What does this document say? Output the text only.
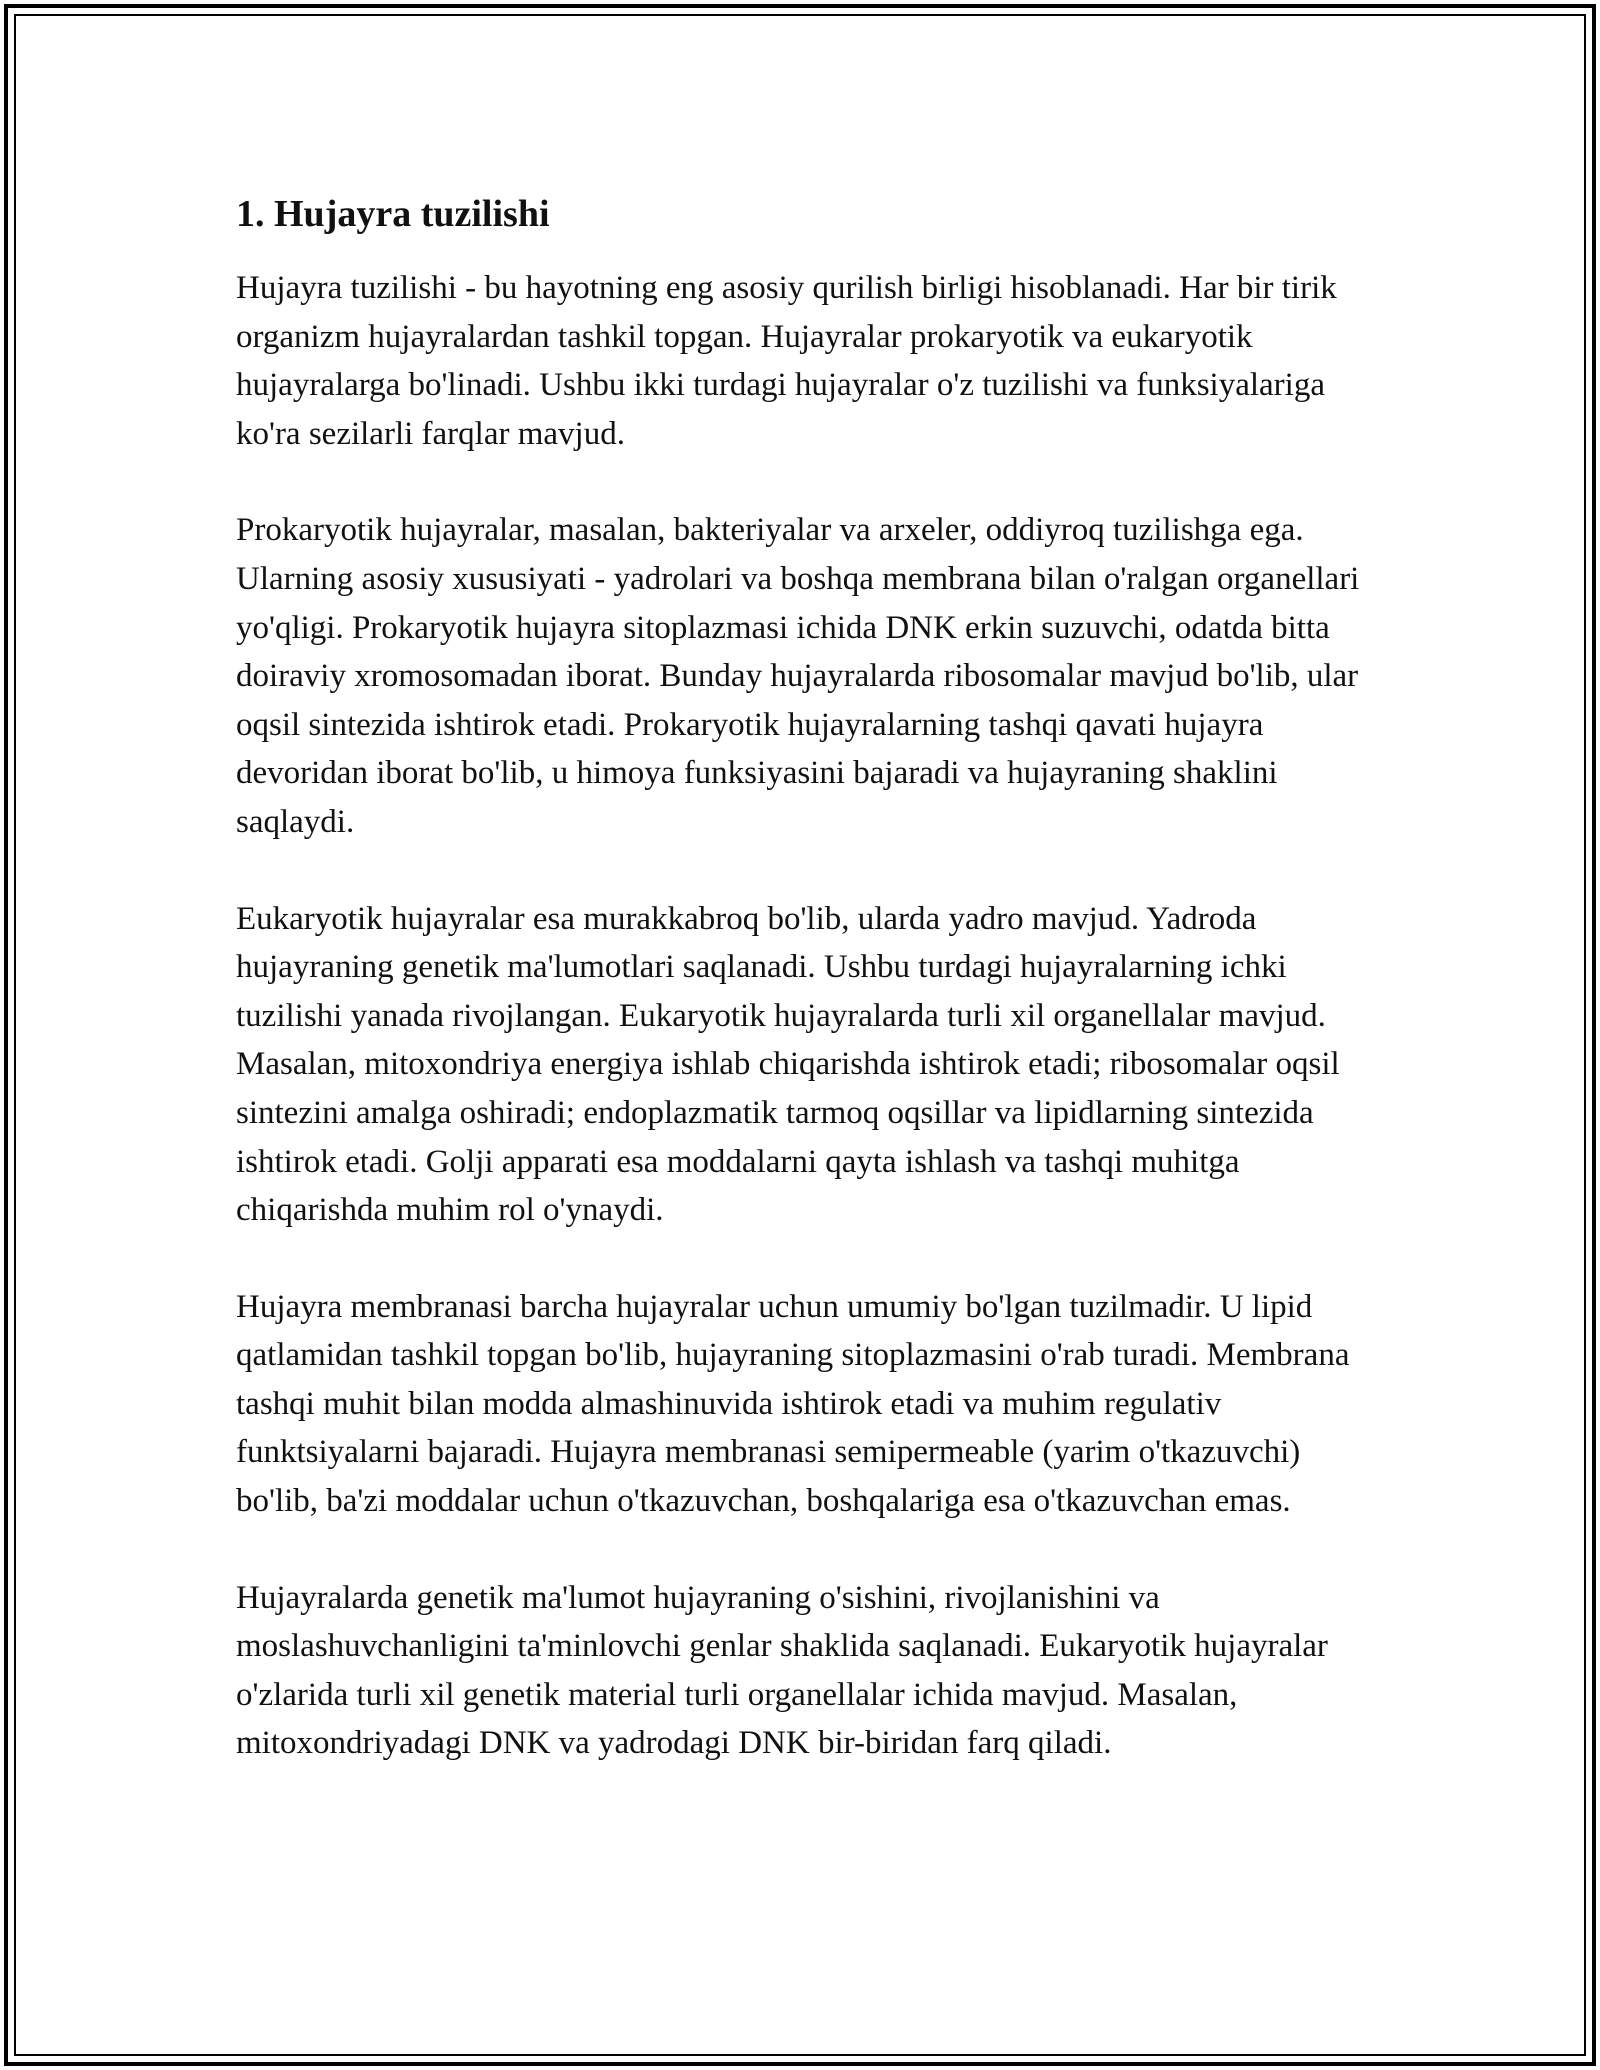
1. Hujayra tuzilishi

Hujayra tuzilishi - bu hayotning eng asosiy qurilish birligi hisoblanadi. Har bir tirik organizm hujayralardan tashkil topgan. Hujayralar prokaryotik va eukaryotik hujayralarga bo'linadi. Ushbu ikki turdagi hujayralar o'z tuzilishi va funksiyalariga ko'ra sezilarli farqlar mavjud.

Prokaryotik hujayralar, masalan, bakteriyalar va arxeler, oddiyroq tuzilishga ega. Ularning asosiy xususiyati - yadrolari va boshqa membrana bilan o'ralgan organellari yo'qligi. Prokaryotik hujayra sitoplazmasi ichida DNK erkin suzuvchi, odatda bitta doiraviy xromosomadan iborat. Bunday hujayralarda ribosomalar mavjud bo'lib, ular oqsil sintezida ishtirok etadi. Prokaryotik hujayralarning tashqi qavati hujayra devoridan iborat bo'lib, u himoya funksiyasini bajaradi va hujayraning shaklini saqlaydi.

Eukaryotik hujayralar esa murakkabroq bo'lib, ularda yadro mavjud. Yadroda hujayraning genetik ma'lumotlari saqlanadi. Ushbu turdagi hujayralarning ichki tuzilishi yanada rivojlangan. Eukaryotik hujayralarda turli xil organellalar mavjud. Masalan, mitoxondriya energiya ishlab chiqarishda ishtirok etadi; ribosomalar oqsil sintezini amalga oshiradi; endoplazmatik tarmoq oqsillar va lipidlarning sintezida ishtirok etadi. Golji apparati esa moddalarni qayta ishlash va tashqi muhitga chiqarishda muhim rol o'ynaydi.

Hujayra membranasi barcha hujayralar uchun umumiy bo'lgan tuzilmadir. U lipid qatlamidan tashkil topgan bo'lib, hujayraning sitoplazmasini o'rab turadi. Membrana tashqi muhit bilan modda almashinuvida ishtirok etadi va muhim regulativ funktsiyalarni bajaradi. Hujayra membranasi semipermeable (yarim o'tkazuvchi) bo'lib, ba'zi moddalar uchun o'tkazuvchan, boshqalariga esa o'tkazuvchan emas.

Hujayralarda genetik ma'lumot hujayraning o'sishini, rivojlanishini va moslashuvchanligini ta'minlovchi genlar shaklida saqlanadi. Eukaryotik hujayralar o'zlarida turli xil genetik material turli organellalar ichida mavjud. Masalan, mitoxondriyadagi DNK va yadrodagi DNK bir-biridan farq qiladi.
